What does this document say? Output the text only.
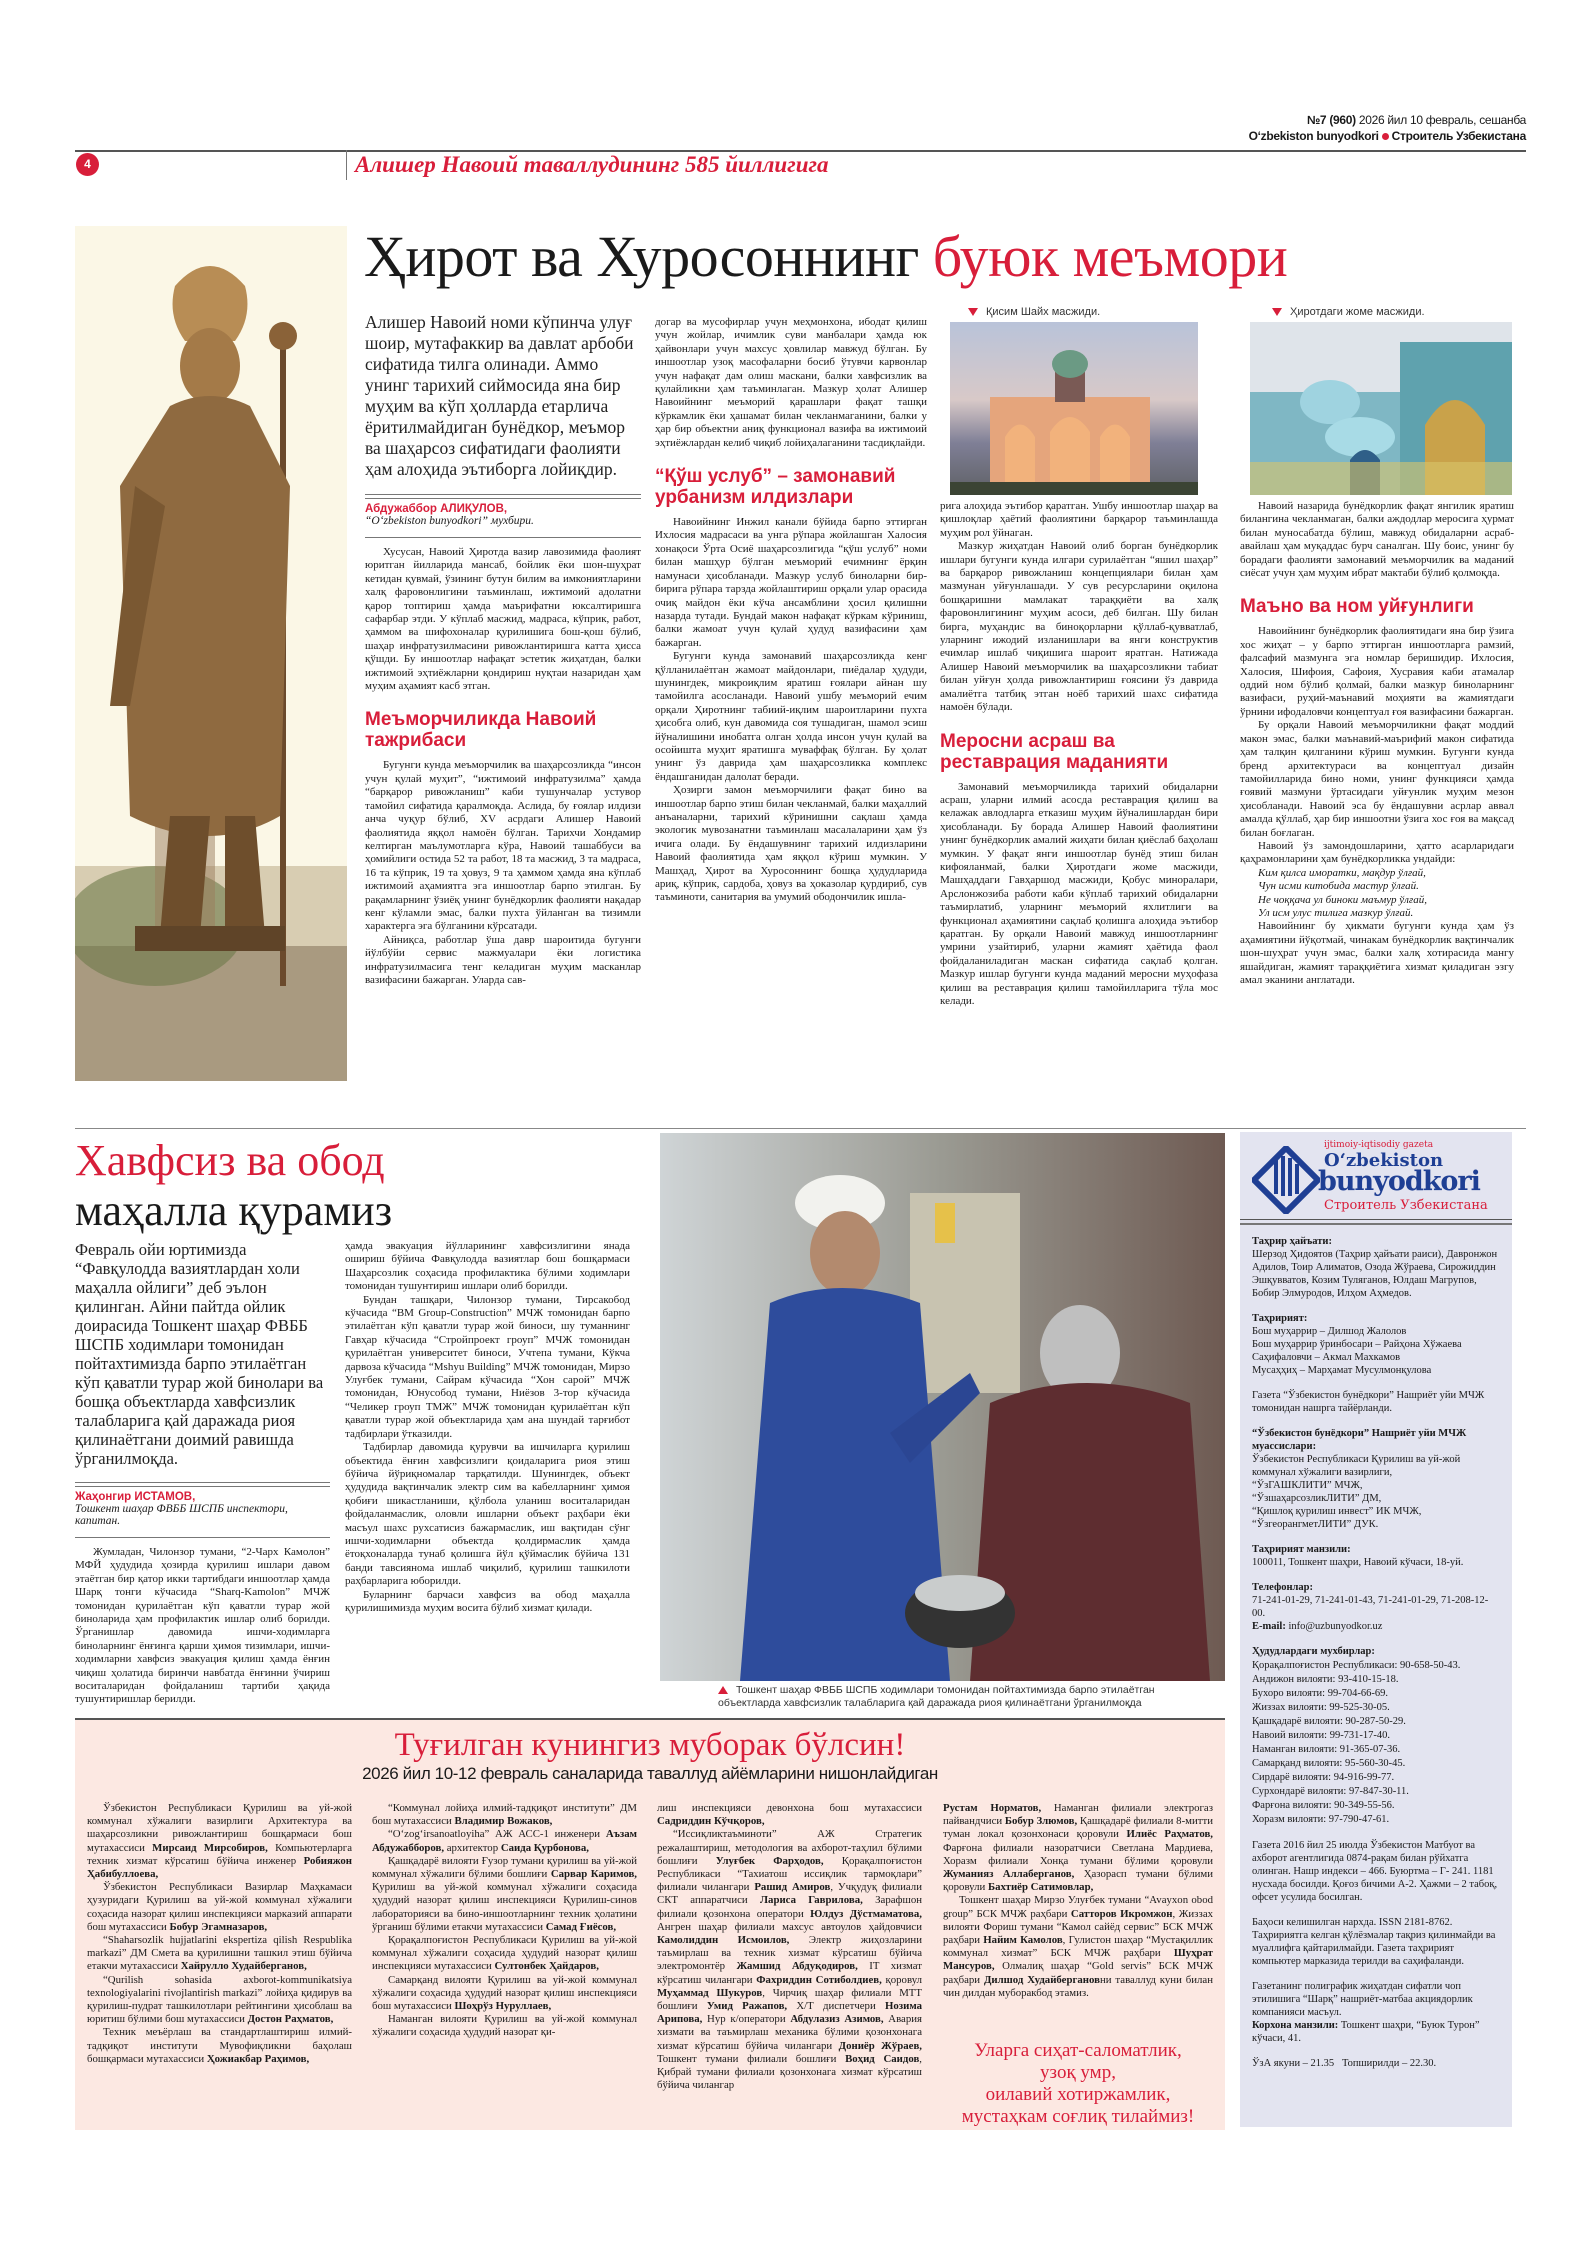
№7 (960) 2026 йил 10 февраль, сешанба
O‘zbekiston bunyodkori Строитель Узбекистана
4	Алишер Навоий таваллудининг 585 йиллигига
Ҳирот ва Хуросоннинг буюк меъмори
Алишер Навоий номи кўпинча улуғ шоир, мутафаккир ва давлат арбоби сифатида тилга олинади. Аммо унинг тарихий сиймосида яна бир муҳим ва кўп ҳолларда етарлича ёритилмайдиган бунёдкор, меъмор ва шаҳарсоз сифатидаги фаолияти ҳам алоҳида эътиборга лойиқдир.
Абдужаббор АЛИҚУЛОВ,
“O‘zbekiston bunyodkori” мухбири.

Хусусан, Навоий Ҳиротда вазир лавозимида фаолият юритган йилларида мансаб, бойлик ёки шон-шуҳрат кетидан қувмай, ўзининг бутун билим ва имкониятларини халқ фаровонлигини таъминлаш, ижтимоий адолатни қарор топтириш ҳамда маърифатни юксалтиришга сафарбар этди. У кўплаб масжид, мадраса, кўприк, работ, ҳаммом ва шифохоналар қурилишига бош-қош бўлиб, шаҳар инфратузилмасини ривожлантиришга катта ҳисса қўшди. Бу иншоотлар нафақат эстетик жиҳатдан, балки ижтимоий эҳтиёжларни қондириш нуқтаи назаридан ҳам муҳим аҳамият касб этган.

Меъморчиликда Навоий тажрибаси

Бугунги кунда меъморчилик ва шаҳарсозликда “инсон учун қулай муҳит”, “ижтимоий инфратузилма” ҳамда “барқарор ривожланиш” каби тушунчалар устувор тамойил сифатида қаралмоқда. Аслида, бу ғоялар илдизи анча чуқур бўлиб, XV асрдаги Алишер Навоий фаолиятида яққол намоён бўлган. Тарихчи Хондамир келтирган маълумотларга кўра, Навоий ташаббуси ва ҳомийлиги остида 52 та работ, 18 та масжид, 3 та мадраса, 16 та кўприк, 19 та ҳовуз, 9 та ҳаммом ҳамда яна кўплаб ижтимоий аҳамиятга эга иншоотлар барпо этилган. Бу рақамларнинг ўзиёқ унинг бунёдкорлик фаолияти нақадар кенг кўламли эмас, балки пухта ўйланган ва тизимли характерга эга бўлганини кўрсатади.

Айниқса, работлар ўша давр шароитида бугунги йўлбўйи сервис мажмуалари ёки логистика инфратузилмасига тенг келадиган муҳим масканлар вазифасини бажарган. Уларда сав-

догар ва мусофирлар учун меҳмонхона, ибодат қилиш учун жойлар, ичимлик суви манбалари ҳамда юк ҳайвонлари учун махсус ҳовлилар мавжуд бўлган. Бу иншоотлар узоқ масофаларни босиб ўтувчи карвонлар учун нафақат дам олиш маскани, балки хавфсизлик ва қулайликни ҳам таъминлаган. Мазкур ҳолат Алишер Навоийнинг меъморий қарашлари фақат ташқи кўркамлик ёки ҳашамат билан чекланмаганини, балки у ҳар бир объектни аниқ функционал вазифа ва ижтимоий эҳтиёжлардан келиб чиқиб лойиҳалаганини тасдиқлайди.

“Қўш услуб” – замонавий урбанизм илдизлари

Навоийнинг Инжил канали бўйида барпо эттирган Ихлосия мадрасаси ва унга рўпара жойлашган Халосия хонақоси Ўрта Осиё шаҳарсозлигида “қўш услуб” номи билан машҳур бўлган меъморий ечимнинг ёрқин намунаси ҳисобланади. Мазкур услуб биноларни бир-бирига рўпара тарзда жойлаштириш орқали улар орасида очиқ майдон ёки кўча ансамблини ҳосил қилишни назарда тутади. Бундай макон нафақат кўркам кўриниш, балки жамоат учун қулай ҳудуд вазифасини ҳам бажарган.

Бугунги кунда замонавий шаҳарсозликда кенг қўлланилаётган жамоат майдонлари, пиёдалар ҳудуди, шунингдек, микроиқлим яратиш ғоялари айнан шу тамойилга асосланади. Навоий ушбу меъморий ечим орқали Ҳиротнинг табиий-иқлим шароитларини пухта ҳисобга олиб, кун давомида соя тушадиган, шамол эсиш йўналишини инобатга олган ҳолда инсон учун қулай ва осойишта муҳит яратишга муваффақ бўлган. Бу ҳолат унинг ўз даврида ҳам шаҳарсозликка комплекс ёндашганидан далолат беради.

Ҳозирги замон меъморчилиги фақат бино ва иншоотлар барпо этиш билан чекланмай, балки маҳаллий анъаналарни, тарихий кўринишни сақлаш ҳамда экологик мувозанатни таъминлаш масалаларини ҳам ўз ичига олади. Бу ёндашувнинг тарихий илдизларини Навоий фаолиятида ҳам яққол кўриш мумкин. У Машҳад, Ҳирот ва Хуросоннинг бошқа ҳудудларида ариқ, кўприк, сардоба, ҳовуз ва ҳоказолар қурдириб, сув таъминоти, санитария ва умумий ободончилик ишла-

Қисим Шайх масжиди.

рига алоҳида эътибор қаратган. Ушбу иншоотлар шаҳар ва қишлоқлар ҳаётий фаолиятини барқарор таъминлашда муҳим рол ўйнаган.

Мазкур жиҳатдан Навоий олиб борган бунёдкорлик ишлари бугунги кунда илгари сурилаётган “яшил шаҳар” ва барқарор ривожланиш концепциялари билан ҳам мазмунан уйғунлашади. У сув ресурсларини оқилона бошқаришни мамлакат тараққиёти ва халқ фаровонлигининг муҳим асоси, деб билган. Шу билан бирга, муҳандис ва биноқорларни қўллаб-қувватлаб, уларнинг ижодий изланишлари ва янги конструктив ечимлар ишлаб чиқишига шароит яратган. Натижада Алишер Навоий меъморчилик ва шаҳарсозликни табиат билан уйғун ҳолда ривожлантириш ғоясини ўз даврида амалиётга татбиқ этган ноёб тарихий шахс сифатида намоён бўлади.

Меросни асраш ва реставрация маданияти

Замонавий меъморчиликда тарихий обидаларни асраш, уларни илмий асосда реставрация қилиш ва келажак авлодларга етказиш муҳим йўналишлардан бири ҳисобланади. Бу борада Алишер Навоий фаолиятини унинг бунёдкорлик амалий жиҳати билан қиёслаб баҳолаш мумкин. У фақат янги иншоотлар бунёд этиш билан кифояланмай, балки Ҳиротдаги жоме масжиди, Машҳаддаги Гавҳаршод масжиди, Қобус миноралари, Арслонжозиба работи каби кўплаб тарихий обидаларни таъмирлатиб, уларнинг меъморий яхлитлиги ва функционал аҳамиятини сақлаб қолишга алоҳида эътибор қаратган. Бу орқали Навоий мавжуд иншоотларнинг умрини узайтириб, уларни жамият ҳаётида фаол фойдаланиладиган маскан сифатида сақлаб қолган. Мазкур ишлар бугунги кунда маданий меросни муҳофаза қилиш ва реставрация қилиш тамойилларига тўла мос келади.

Ҳиротдаги жоме масжиди.

Навоий назарида бунёдкорлик фақат янгилик яратиш билангина чекланмаган, балки аждодлар меросига ҳурмат билан муносабатда бўлиш, мавжуд обидаларни асраб-авайлаш ҳам муқаддас бурч саналган. Шу боис, унинг бу борадаги фаолияти замонавий меъморчилик ва маданий сиёсат учун ҳам муҳим ибрат мактаби бўлиб қолмоқда.

Маъно ва ном уйғунлиги

Навоийнинг бунёдкорлик фаолиятидаги яна бир ўзига хос жиҳат – у барпо эттирган иншоотларга рамзий, фалсафий мазмунга эга номлар беришидир. Ихлосия, Халосия, Шифоия, Сафоия, Хусравия каби атамалар оддий ном бўлиб қолмай, балки мазкур биноларнинг вазифаси, руҳий-маънавий моҳияти ва жамиятдаги ўрнини ифодаловчи концептуал ғоя вазифасини бажарган.

Бу орқали Навоий меъморчиликни фақат моддий макон эмас, балки маънавий-маърифий макон сифатида ҳам талқин қилганини кўриш мумкин. Бугунги кунда бренд архитектураси ва концептуал дизайн тамойилларида бино номи, унинг функцияси ҳамда ғоявий мазмуни ўртасидаги уйғунлик муҳим мезон ҳисобланади. Навоий эса бу ёндашувни асрлар аввал амалда қўллаб, ҳар бир иншоотни ўзига хос ғоя ва мақсад билан боғлаган.

Навоий ўз замондошларини, ҳатто асарларидаги қаҳрамонларини ҳам бунёдкорликка ундайди:

Ким қилса иморатки, мақдур ўлғай,
Чун исми китобида мастур ўлғай.
Не чоққача ул биноки маъмур ўлғай,
Ул исм улус тилига мазкур ўлғай.

Навоийнинг бу ҳикмати бугунги кунда ҳам ўз аҳамиятини йўқотмай, чинакам бунёдкорлик вақтинчалик шон-шуҳрат учун эмас, балки халқ хотирасида мангу яшайдиган, жамият тараққиётига хизмат қиладиган эзгу амал эканини англатади.

Хавфсиз ва обод
маҳалла қурамиз
Февраль ойи юртимизда “Фавқулодда вазиятлардан холи маҳалла ойлиги” деб эълон қилинган. Айни пайтда ойлик доирасида Тошкент шаҳар ФВББ ШСПБ ходимлари томонидан пойтахтимизда барпо этилаётган кўп қаватли турар жой бинолари ва бошқа объектларда хавфсизлик талабларига қай даражада риоя қилинаётгани доимий равишда ўрганилмоқда.
Жаҳонгир ИСТАМОВ,
Тошкент шаҳар ФВББ ШСПБ инспектори, капитан.

Жумладан, Чилонзор тумани, “2-Чарх Камолон” МФЙ ҳудудида ҳозирда қурилиш ишлари давом этаётган бир қатор икки тартибдаги иншоотлар ҳамда Шарқ тонги кўчасида “Sharq-Kamolon” МЧЖ томонидан қурилаётган кўп қаватли турар жой биноларида ҳам профилактик ишлар олиб борилди. Ўрганишлар давомида ишчи-ходимларга биноларнинг ёнғинга қарши ҳимоя тизимлари, ишчи-ходимларни хавфсиз эвакуация қилиш ҳамда ёнғин чиқиш ҳолатида биринчи навбатда ёнғинни ўчириш воситаларидан фойдаланиш тартиби ҳақида тушунтиришлар берилди.

ҳамда эвакуация йўлларининг хавфсизлигини янада ошириш бўйича Фавқулодда вазиятлар бош бошқармаси Шаҳарсозлик соҳасида профилактика бўлими ходимлари томонидан тушунтириш ишлари олиб борилди.

Бундан ташқари, Чилонзор тумани, Тирсакобод кўчасида “BM Group-Construction” МЧЖ томонидан барпо этилаётган кўп қаватли турар жой биноси, шу туманнинг Гавҳар кўчасида “Стройпроект гроуп” МЧЖ томонидан қурилаётган университет биноси, Учтепа тумани, Кўкча дарвоза кўчасида “Mshyu Building” МЧЖ томонидан, Мирзо Улуғбек тумани, Сайрам кўчасида “Хон сарой” МЧЖ томонидан, Юнусобод тумани, Ниёзов 3-тор кўчасида “Челикер гроуп ТМЖ” МЧЖ томонидан қурилаётган кўп қаватли турар жой объектларида ҳам ана шундай тарғибот тадбирлари ўтказилди.

Тадбирлар давомида қурувчи ва ишчиларга қурилиш объектида ёнғин хавфсизлиги қоидаларига риоя этиш бўйича йўриқномалар тарқатилди. Шунингдек, объект ҳудудида вақтинчалик электр сим ва кабелларнинг ҳимоя қобиғи шикастланиши, қўлбола уланиш воситаларидан фойдаланмаслик, оловли ишларни объект раҳбари ёки масъул шахс рухсатисиз бажармаслик, иш вақтидан сўнг ишчи-ходимларни объектда қолдирмаслик ҳамда ётоқхоналарда тунаб қолишга йўл қўймаслик бўйича 131 банди тавсиянома ишлаб чиқилиб, қурилиш ташкилоти раҳбарларига юборилди.

Буларнинг барчаси хавфсиз ва обод маҳалла қурилишимизда муҳим восита бўлиб хизмат қилади.

Тошкент шаҳар ФВББ ШСПБ ходимлари томонидан пойтахтимизда барпо этилаётган объектларда хавфсизлик талабларига қай даражада риоя қилинаётгани ўрганилмоқда
ijtimoiy-iqtisodiy gazeta
O‘zbekiston
bunyodkori
Строитель Узбекистана
Таҳрир ҳайъати:
Шерзод Ҳидоятов (Таҳрир ҳайъати раиси), Давронжон Адилов, Тоир Алиматов, Озода Жўраева, Сирожиддин Эшқувватов, Козим Туляганов, Юлдаш Магрупов, Бобир Элмуродов, Илҳом Аҳмедов.
Таҳририят:
Бош муҳаррир – Дилшод Жалолов
Бош муҳаррир ўринбосари – Райҳона Хўжаева
Саҳифаловчи – Акмал Махкамов
Мусаҳҳиҳ – Марҳамат Мусулмонқулова
Газета “Ўзбекистон бунёдкори” Нашриёт уйи МЧЖ томонидан нашрга тайёрланди.
“Ўзбекистон бунёдкори” Нашриёт уйи МЧЖ муассислари:
Ўзбекистон Республикаси Қурилиш ва уй-жой коммунал хўжалиги вазирлиги,
“ЎзГАШКЛИТИ” МЧЖ,
“ЎзшаҳарсозликЛИТИ” ДМ,
“Қишлоқ қурилиш инвест” ИК МЧЖ,
“ЎзгеорангметЛИТИ” ДУК.
Таҳририят манзили:
100011, Тошкент шаҳри, Навоий кўчаси, 18-уй.
Телефонлар:
71-241-01-29, 71-241-01-43, 71-241-01-29, 71-208-12-00.
E-mail: info@uzbunyodkor.uz
Ҳудудлардаги мухбирлар:
Қорақалпоғистон Республикаси: 90-658-50-43.
Андижон вилояти: 93-410-15-18.
Бухоро вилояти: 99-704-66-69.
Жиззах вилояти: 99-525-30-05.
Қашқадарё вилояти: 90-287-50-29.
Навоий вилояти: 99-731-17-40.
Наманган вилояти: 91-365-07-36.
Самарқанд вилояти: 95-560-30-45.
Сирдарё вилояти: 94-916-99-77.
Сурхондарё вилояти: 97-847-30-11.
Фарғона вилояти: 90-349-55-56.
Хоразм вилояти: 97-790-47-61.
Газета 2016 йил 25 июлда Ўзбекистон Матбуот ва ахборот агентлигида 0874-рақам билан рўйхатга олинган. Нашр индекси – 466. Буюртма – Г- 241. 1181 нусхада босилди. Қоғоз бичими А-2. Ҳажми – 2 табоқ, офсет усулида босилган.
Баҳоси келишилган нархда. ISSN 2181-8762. Таҳририятга келган қўлёзмалар тақриз қилинмайди ва муаллифга қайтарилмайди. Газета таҳририят компьютер марказида терилди ва саҳифаланди.
Газетанинг полиграфик жиҳатдан сифатли чоп этилишига “Шарқ” нашриёт-матбаа акциядорлик компанияси масъул.
Корхона манзили: Тошкент шаҳри, “Буюк Турон” кўчаси, 41.
ЎзА якуни – 21.35   Топширилди – 22.30.
Туғилган кунингиз муборак бўлсин!
2026 йил 10-12 февраль саналарида таваллуд айёмларини нишонлайдиган

Ўзбекистон Республикаси Қурилиш ва уй-жой коммунал хўжалиги вазирлиги Архитектура ва шаҳарсозликни ривожлантириш бошқармаси бош мутахассиси Мирсаид Мирсобиров, Компьютерларга техник хизмат кўрсатиш бўйича инженер Робияжон Ҳабибуллоева,

Ўзбекистон Республикаси Вазирлар Маҳкамаси ҳузуридаги Қурилиш ва уй-жой коммунал хўжалиги соҳасида назорат қилиш инспекцияси марказий аппарати бош мутахассиси Бобур Эгамназаров,

“Shaharsozlik hujjatlarini ekspertiza qilish Respublika markazi” ДМ Смета ва қурилишни ташкил этиш бўйича етакчи мутахассиси Хайрулло Худайберганов,

“Qurilish sohasida axborot-kommunikatsiya texnologiyalarini rivojlantirish markazi” лойиҳа қидирув ва қурилиш-пудрат ташкилотлари рейтингини ҳисоблаш ва юритиш бўлими бош мутахассиси Достон Раҳматов,

Техник меъёрлаш ва стандартлаштириш илмий-тадқиқот институти Мувофиқликни баҳолаш бошқармаси мутахассиси Ҳожиакбар Раҳимов,

“Коммунал лойиҳа илмий-тадқиқот институти” ДМ бош мутахассиси Владимир Вожаков,

“O‘zog‘irsanoatloyiha” АЖ АСС-1 инженери Аъзам Абдужабборов, архитектор Саида Қурбонова,

Қашқадарё вилояти Ғузор тумани қурилиш ва уй-жой коммунал хўжалиги бўлими бошлиғи Сарвар Каримов, Қурилиш ва уй-жой коммунал хўжалиги соҳасида ҳудудий назорат қилиш инспекцияси Қурилиш-синов лабораторияси ва бино-иншоотларнинг техник ҳолатини ўрганиш бўлими етакчи мутахассиси Самад Ғиёсов,

Қорақалпоғистон Республикаси Қурилиш ва уй-жой коммунал хўжалиги соҳасида ҳудудий назорат қилиш инспекцияси мутахассиси Султонбек Ҳайдаров,

Самарқанд вилояти Қурилиш ва уй-жой коммунал хўжалиги соҳасида ҳудудий назорат қилиш инспекцияси бош мутахассиси Шоҳрўз Нуруллаев,

Наманган вилояти Қурилиш ва уй-жой коммунал хўжалиги соҳасида ҳудудий назорат қи-

лиш инспекцияси девонхона бош мутахассиси Садриддин Кўчқоров,

“Иссиқликтаъминоти” АЖ Стратегик режалаштириш, методология ва ахборот-таҳлил бўлими бошлиғи Улуғбек Фарҳодов, Қорақалпоғистон Республикаси “Тахиатош иссиқлик тармоқлари” филиали чилангари Рашид Амиров, Учқудуқ филиали СКТ аппаратчиси Лариса Гаврилова, Зарафшон филиали қозонхона оператори Юлдуз Дўстмаматова, Ангрен шаҳар филиали махсус автоулов ҳайдовчиси Камолиддин Исмоилов, Электр жиҳозларини таъмирлаш ва техник хизмат кўрсатиш бўйича электромонтёр Жамшид Абдуқодиров, IT хизмат кўрсатиш чилангари Фахриддин Сотиболдиев, қоровул Муҳаммад Шукуров, Чирчиқ шаҳар филиали МТТ бошлиғи Умид Ражапов, Х/Т диспетчери Нозима Арипова, Нур к/оператори Абдулазиз Азимов, Авария хизмати ва таъмирлаш механика бўлими қозонхонага хизмат кўрсатиш бўйича чилангари Дониёр Жўраев, Тошкент тумани филиали бошлиғи Воҳид Саидов, Қибрай тумани филиали қозонхонага хизмат кўрсатиш бўйича чилангар

Рустам Норматов, Наманган филиали электрогаз пайвандчиси Бобур Злюмов, Қашқадарё филиали 8-митти туман локал қозонхонаси қоровули Илиёс Раҳматов, Фарғона филиали назоратчиси Светлана Мардиева, Хоразм филиали Хонқа тумани бўлими қоровули Жуманияз Аллаберганов, Ҳазорасп тумани бўлими қоровули Бахтиёр Сатимовлар,

Тошкент шаҳар Мирзо Улуғбек тумани “Avayxon obod group” БСК МЧЖ раҳбари Сатторов Икромжон, Жиззах вилояти Фориш тумани “Камол сайёд сервис” БСК МЧЖ раҳбари Найим Камолов, Гулистон шаҳар “Мустақиллик коммунал хизмат” БСК МЧЖ раҳбари Шуҳрат Мансуров, Олмалиқ шаҳар “Gold servis” БСК МЧЖ раҳбари Дилшод Худайбергановни таваллуд куни билан чин дилдан муборакбод этамиз.

Уларга сиҳат-саломатлик,
узоқ умр,
оилавий хотиржамлик,
мустаҳкам соғлиқ тилаймиз!
